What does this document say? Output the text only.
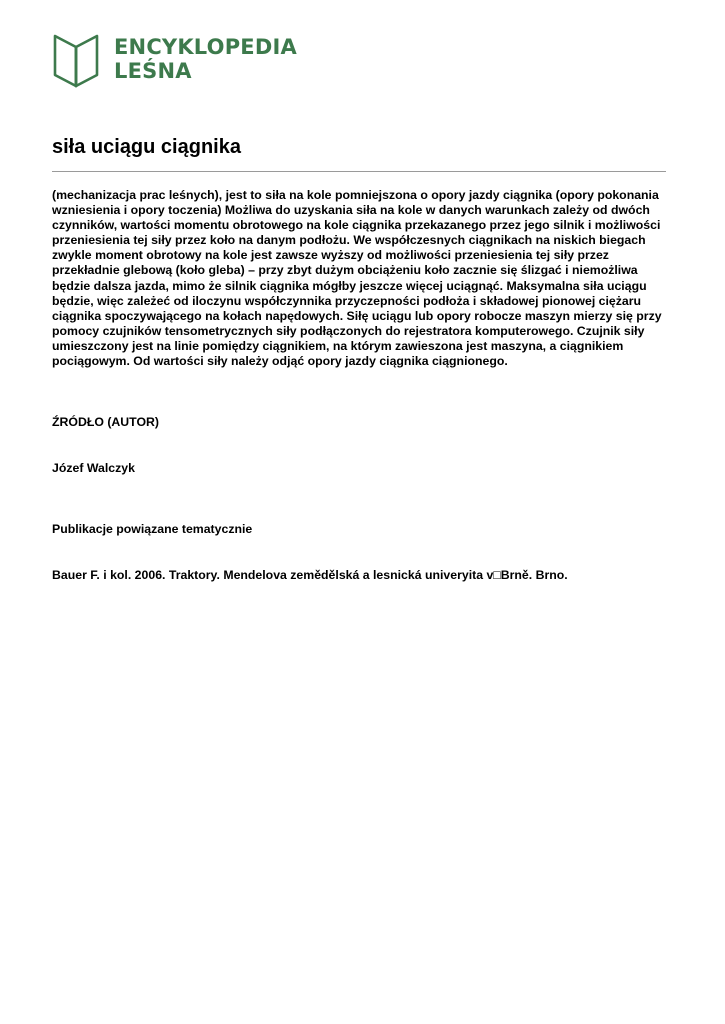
ENCYKLOPEDIA
LEŚNA
siła uciągu ciągnika

(mechanizacja prac leśnych), jest to siła na kole pomniejszona o opory jazdy ciągnika (opory pokonania wzniesienia i opory toczenia) Możliwa do uzyskania siła na kole w danych warunkach zależy od dwóch czynników, wartości momentu obrotowego na kole ciągnika przekazanego przez jego silnik i możliwości przeniesienia tej siły przez koło na danym podłożu. We współczesnych ciągnikach na niskich biegach zwykle moment obrotowy na kole jest zawsze wyższy od możliwości przeniesienia tej siły przez przekładnie glebową (koło gleba) – przy zbyt dużym obciążeniu koło zacznie się ślizgać i niemożliwa będzie dalsza jazda, mimo że silnik ciągnika mógłby jeszcze więcej uciągnąć. Maksymalna siła uciągu będzie, więc zależeć od iloczynu współczynnika przyczepności podłoża i składowej pionowej ciężaru ciągnika spoczywającego na kołach napędowych. Siłę uciągu lub opory robocze maszyn mierzy się przy pomocy czujników tensometrycznych siły podłączonych do rejestratora komputerowego. Czujnik siły umieszczony jest na linie pomiędzy ciągnikiem, na którym zawieszona jest maszyna, a ciągnikiem pociągowym. Od wartości siły należy odjąć opory jazdy ciągnika ciągnionego.

ŹRÓDŁO (AUTOR)

Józef Walczyk

Publikacje powiązane tematycznie

Bauer F. i kol. 2006. Traktory. Mendelova zemědělská a lesnická univeryita v□Brně. Brno.
